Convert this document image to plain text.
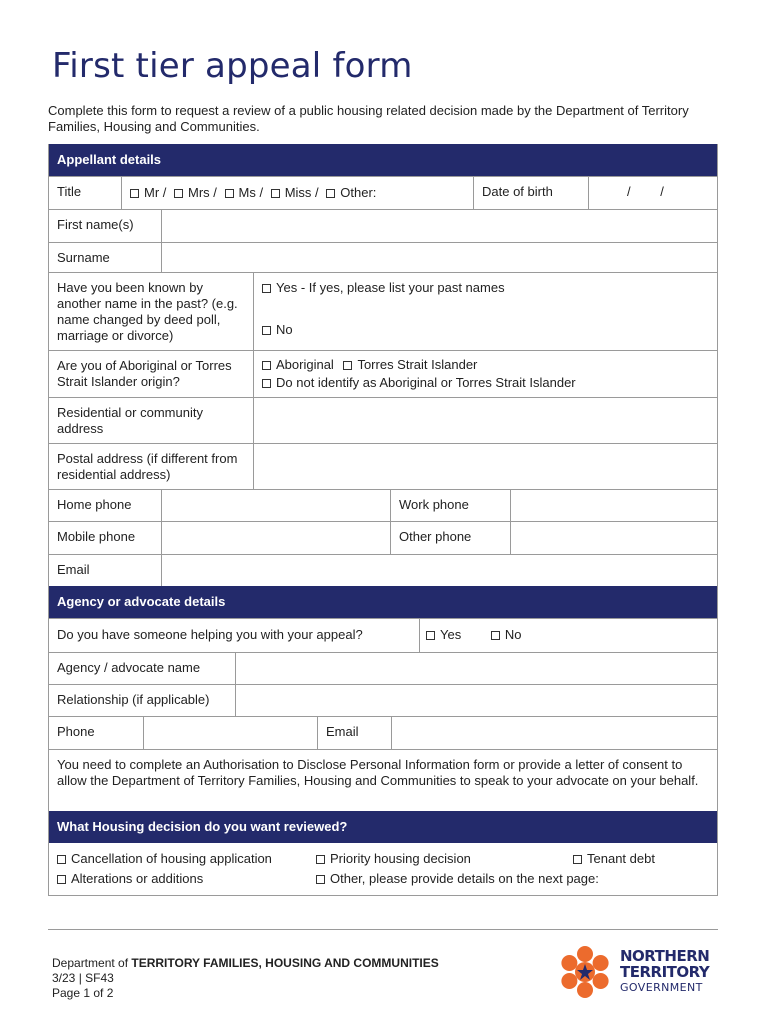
First tier appeal form
Complete this form to request a review of a public housing related decision made by the Department of Territory Families, Housing and Communities.
Appellant details
Title	Mr / Mrs / Ms / Miss / Other:	Date of birth	/ /
First name(s)
Surname
Have you been known by another name in the past? (e.g. name changed by deed poll, marriage or divorce)
Yes - If yes, please list your past names
No
Are you of Aboriginal or Torres Strait Islander origin?
Aboriginal Torres Strait Islander
Do not identify as Aboriginal or Torres Strait Islander
Residential or community address
Postal address (if different from residential address)
Home phone	Work phone
Mobile phone	Other phone
Email
Agency or advocate details
Do you have someone helping you with your appeal?	Yes	No
Agency / advocate name
Relationship (if applicable)
Phone	Email
You need to complete an Authorisation to Disclose Personal Information form or provide a letter of consent to allow the Department of Territory Families, Housing and Communities to speak to your advocate on your behalf.
What Housing decision do you want reviewed?
Cancellation of housing application	Priority housing decision	Tenant debt
Alterations or additions	Other, please provide details on the next page:
Department of TERRITORY FAMILIES, HOUSING AND COMMUNITIES
3/23 | SF43
Page 1 of 2
NORTHERN
TERRITORY
GOVERNMENT
